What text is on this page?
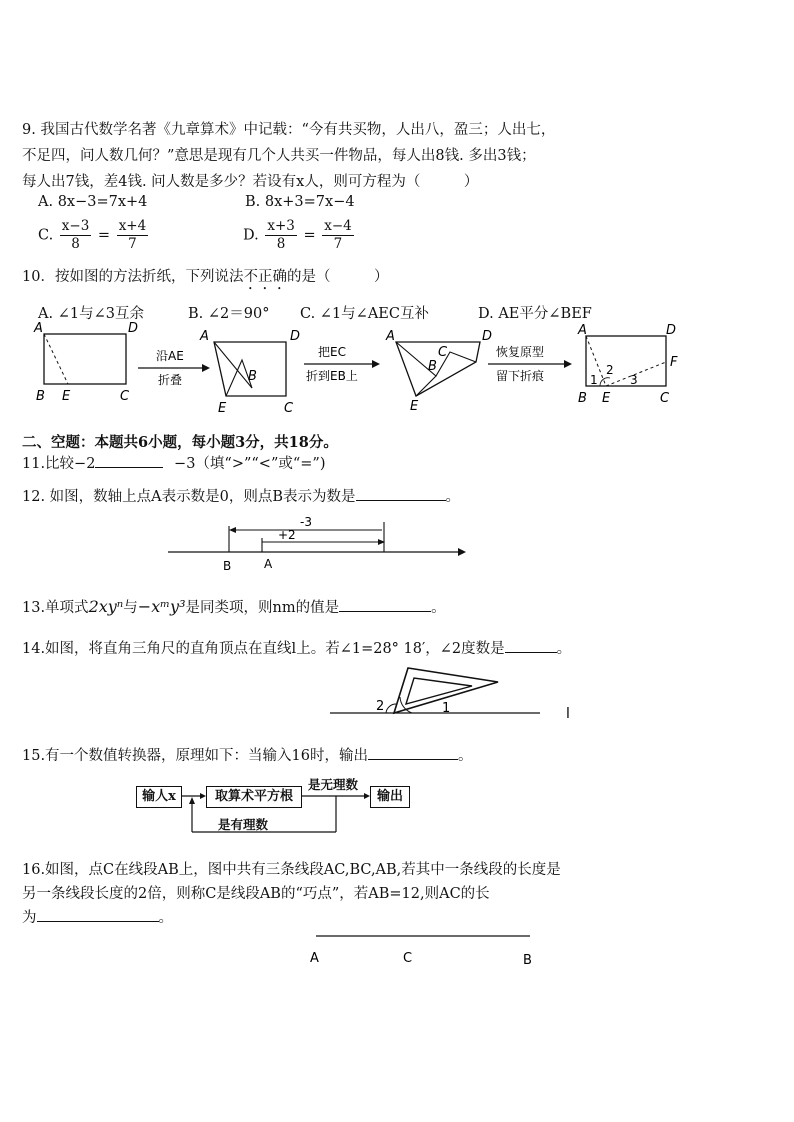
9. 我国古代数学名著《九章算术》中记载：“今有共买物，人出八，盈三；人出七，
不足四，问人数几何？”意思是现有几个人共买一件物品，每人出8钱. 多出3钱；
每人出7钱，差4钱. 问人数是多少？若设有x人，则可方程为（　　　）
A. 8x−3=7x+4	B. 8x+3=7x−4
C. $\frac{x-3}{8} = \frac{x+4}{7}$	D. $\frac{x+3}{8} = \frac{x-4}{7}$
10．按如图的方法折纸，下列说法不正确的是（　　　）
A. ∠1与∠3互余	B. ∠2＝90° C. ∠1与∠AEC互补	D. AE平分∠BEF
A	D
B E	C
沿AE
折叠
A	D
B
E	C
把EC
折到EB上
A	D
C
B
E
恢复原型
留下折痕
A	D
F
B E	C
1
2
3
二、空题：本题共6小题，每小题3分，共18分。
11.比较−2	−3（填“>”“<”或“=”)
12. 如图，数轴上点A表示数是0，则点B表示为数是	。
-3
+2
B	A
13.单项式2xyⁿ与−xᵐy³是同类项，则nm的值是	。
14.如图，将直角三角尺的直角顶点在直线l上。若∠1=28° 18′，∠2度数是	。
2	1	l
15.有一个数值转换器，原理如下：当输入16时，输出	。
输人x	取算术平方根
是无理数
输出
是有理数
16.如图，点C在线段AB上，图中共有三条线段AC,BC,AB,若其中一条线段的长度是
另一条线段长度的2倍，则称C是线段AB的“巧点”，若AB=12,则AC的长
为	。
A	C	B
